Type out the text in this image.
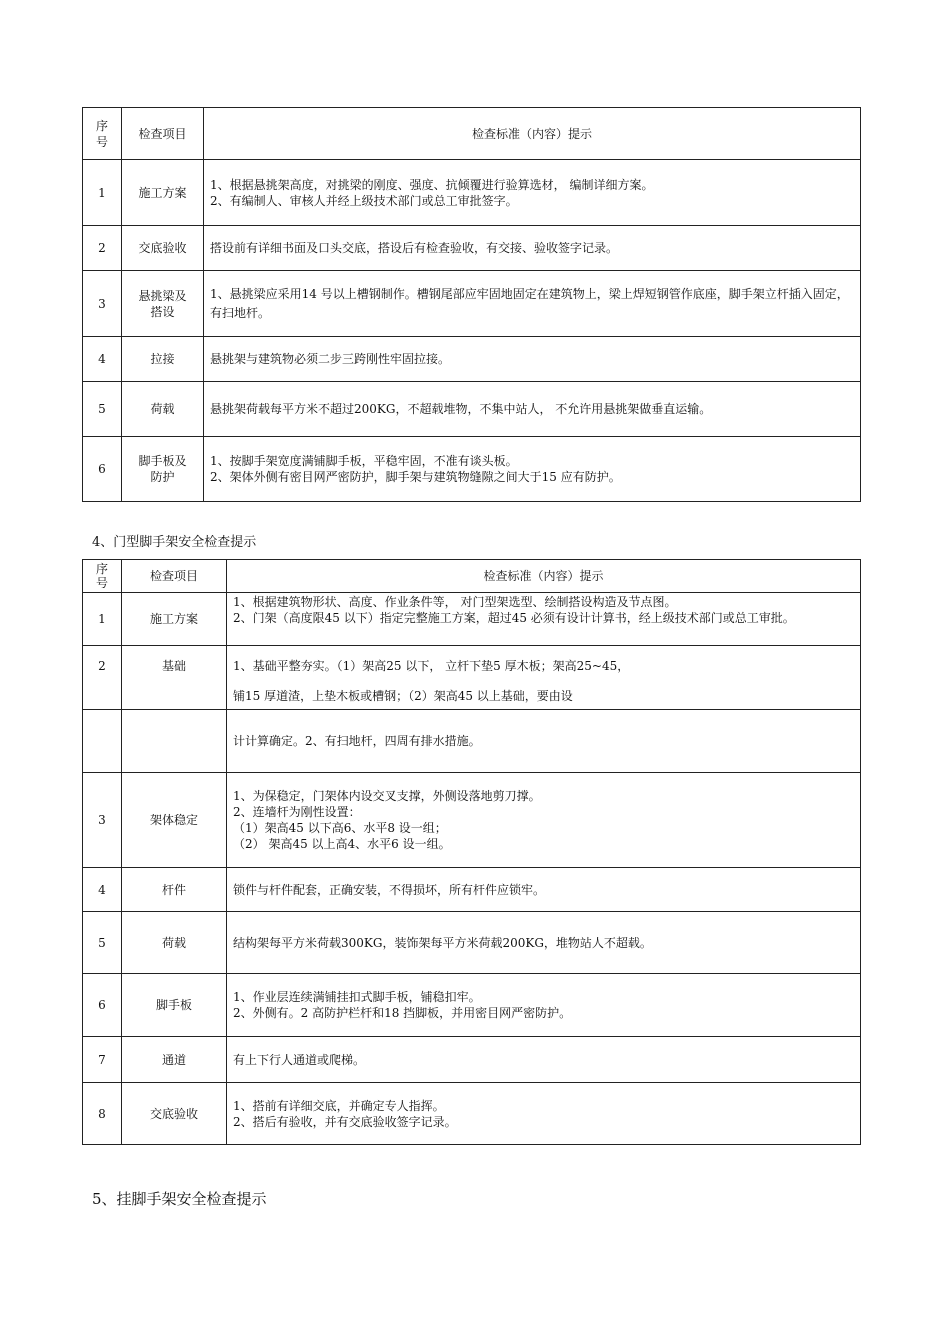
序号	检查项目	检查标准（内容）提示
1	施工方案	1、根据悬挑架高度，对挑梁的刚度、强度、抗倾覆进行验算选材， 编制详细方案。
2、有编制人、审核人并经上级技术部门或总工审批签字。

2	交底验收	搭设前有详细书面及口头交底，搭设后有检查验收，有交接、验收签字记录。

3	悬挑梁及搭设	1、悬挑梁应采用14 号以上槽钢制作。槽钢尾部应牢固地固定在建筑物上，梁上焊短钢管作底座，脚手架立杆插入固定，有扫地杆。

4	拉接	悬挑架与建筑物必须二步三跨刚性牢固拉接。

5	荷载	悬挑架荷载每平方米不超过200KG，不超载堆物，不集中站人， 不允许用悬挑架做垂直运输。

6	脚手板及防护	1、按脚手架宽度满铺脚手板，平稳牢固，不准有谈头板。
2、架体外侧有密目网严密防护，脚手架与建筑物缝隙之间大于15 应有防护。
4、门型脚手架安全检查提示
序号	检查项目	检查标准（内容）提示
1	施工方案	1、根据建筑物形状、高度、作业条件等， 对门型架选型、绘制搭设构造及节点图。
2、门架（高度限45 以下）指定完整施工方案，超过45 必须有设计计算书，经上级技术部门或总工审批。

2	基础	1、基础平整夯实。（1）架高25 以下， 立杆下垫5 厚木板；架高25~45，
铺15 厚道渣，上垫木板或槽钢；（2）架高45 以上基础，要由设

		计计算确定。2、有扫地杆，四周有排水措施。

3	架体稳定	1、为保稳定，门架体内设交叉支撑，外侧设落地剪刀撑。
2、连墙杆为刚性设置：
（1）架高45 以下高6、水平8 设一组；
（2） 架高45 以上高4、水平6 设一组。

4	杆件	锁件与杆件配套，正确安装，不得损坏，所有杆件应锁牢。

5	荷载	结构架每平方米荷载300KG，装饰架每平方米荷载200KG，堆物站人不超载。

6	脚手板	1、作业层连续满铺挂扣式脚手板，铺稳扣牢。
2、外侧有。2 高防护栏杆和18 挡脚板，并用密目网严密防护。

7	通道	有上下行人通道或爬梯。

8	交底验收	1、搭前有详细交底，并确定专人指挥。
2、搭后有验收，并有交底验收签字记录。
5、挂脚手架安全检查提示
